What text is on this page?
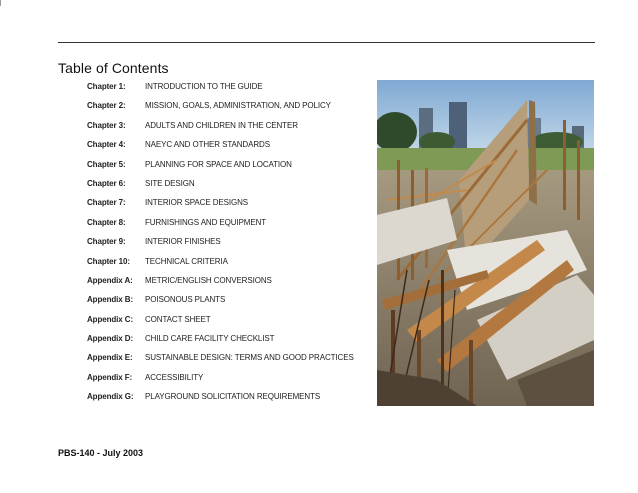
Table of Contents
Chapter 1: INTRODUCTION TO THE GUIDE
Chapter 2: MISSION, GOALS, ADMINISTRATION, AND POLICY
Chapter 3: ADULTS AND CHILDREN IN THE CENTER
Chapter 4: NAEYC AND OTHER STANDARDS
Chapter 5: PLANNING FOR SPACE AND LOCATION
Chapter 6: SITE DESIGN
Chapter 7: INTERIOR SPACE DESIGNS
Chapter 8: FURNISHINGS AND EQUIPMENT
Chapter 9: INTERIOR FINISHES
Chapter 10: TECHNICAL CRITERIA
Appendix A: METRIC/ENGLISH CONVERSIONS
Appendix B: POISONOUS PLANTS
Appendix C: CONTACT SHEET
Appendix D: CHILD CARE FACILITY CHECKLIST
Appendix E: SUSTAINABLE DESIGN: TERMS AND GOOD PRACTICES
Appendix F: ACCESSIBILITY
Appendix G: PLAYGROUND SOLICITATION REQUIREMENTS
PBS-140 - July 2003
